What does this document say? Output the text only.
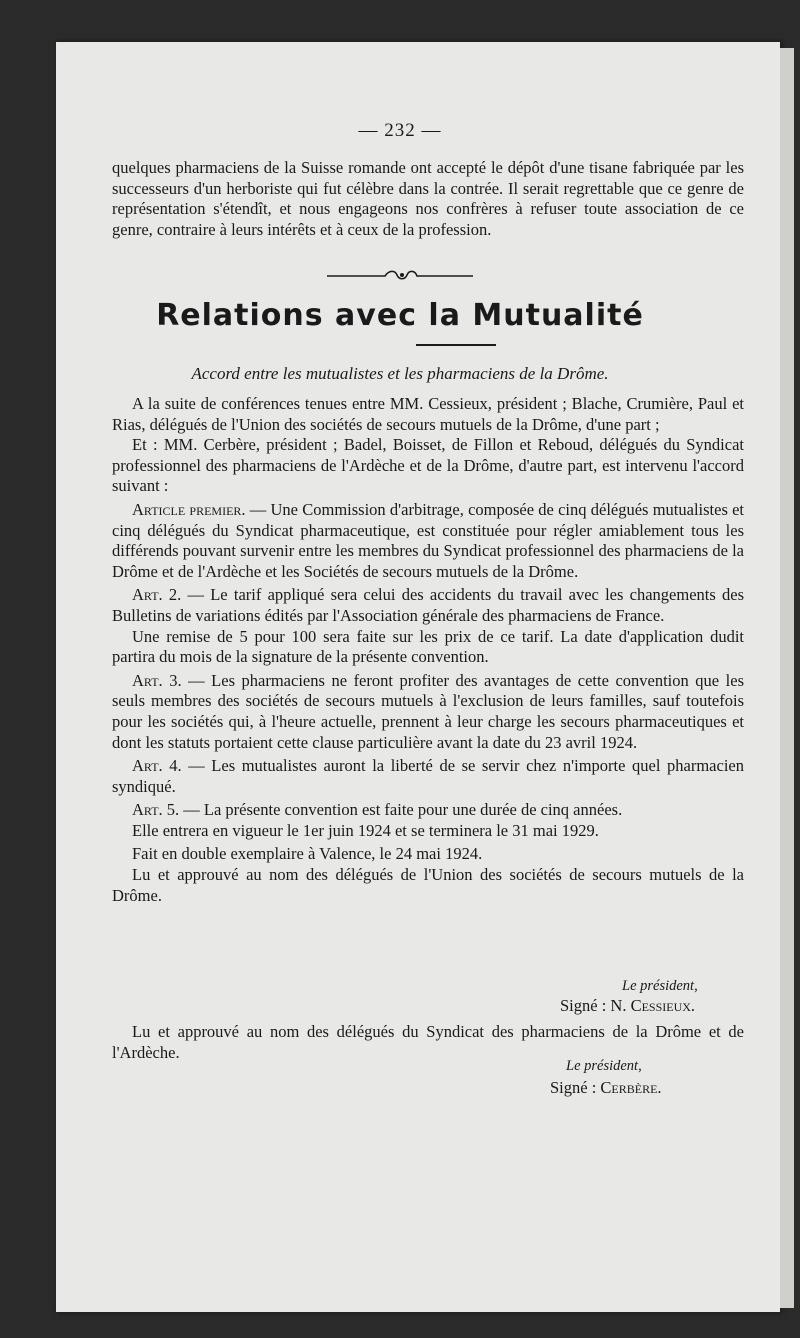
— 232 —

quelques pharmaciens de la Suisse romande ont accepté le dépôt d'une tisane fabriquée par les successeurs d'un herboriste qui fut célèbre dans la contrée. Il serait regrettable que ce genre de représentation s'étendît, et nous engageons nos confrères à refuser toute association de ce genre, contraire à leurs intérêts et à ceux de la profession.

Relations avec la Mutualité
Accord entre les mutualistes et les pharmaciens de la Drôme.

A la suite de conférences tenues entre MM. Cessieux, président ; Blache, Crumière, Paul et Rias, délégués de l'Union des sociétés de secours mutuels de la Drôme, d'une part ;

Et : MM. Cerbère, président ; Badel, Boisset, de Fillon et Reboud, délégués du Syndicat professionnel des pharmaciens de l'Ardèche et de la Drôme, d'autre part, est intervenu l'accord suivant :

Article premier. — Une Commission d'arbitrage, composée de cinq délégués mutualistes et cinq délégués du Syndicat pharmaceutique, est constituée pour régler amiablement tous les différends pouvant survenir entre les membres du Syndicat professionnel des pharmaciens de la Drôme et de l'Ardèche et les Sociétés de secours mutuels de la Drôme.

Art. 2. — Le tarif appliqué sera celui des accidents du travail avec les changements des Bulletins de variations édités par l'Association générale des pharmaciens de France.

Une remise de 5 pour 100 sera faite sur les prix de ce tarif. La date d'application dudit partira du mois de la signature de la présente convention.

Art. 3. — Les pharmaciens ne feront profiter des avantages de cette convention que les seuls membres des sociétés de secours mutuels à l'exclusion de leurs familles, sauf toutefois pour les sociétés qui, à l'heure actuelle, prennent à leur charge les secours pharmaceutiques et dont les statuts portaient cette clause particulière avant la date du 23 avril 1924.

Art. 4. — Les mutualistes auront la liberté de se servir chez n'importe quel pharmacien syndiqué.

Art. 5. — La présente convention est faite pour une durée de cinq années.

Elle entrera en vigueur le 1er juin 1924 et se terminera le 31 mai 1929.

Fait en double exemplaire à Valence, le 24 mai 1924.

Lu et approuvé au nom des délégués de l'Union des sociétés de secours mutuels de la Drôme.

Le président,
Signé : N. Cessieux.

Lu et approuvé au nom des délégués du Syndicat des pharmaciens de la Drôme et de l'Ardèche.

Le président,
Signé : Cerbère.
